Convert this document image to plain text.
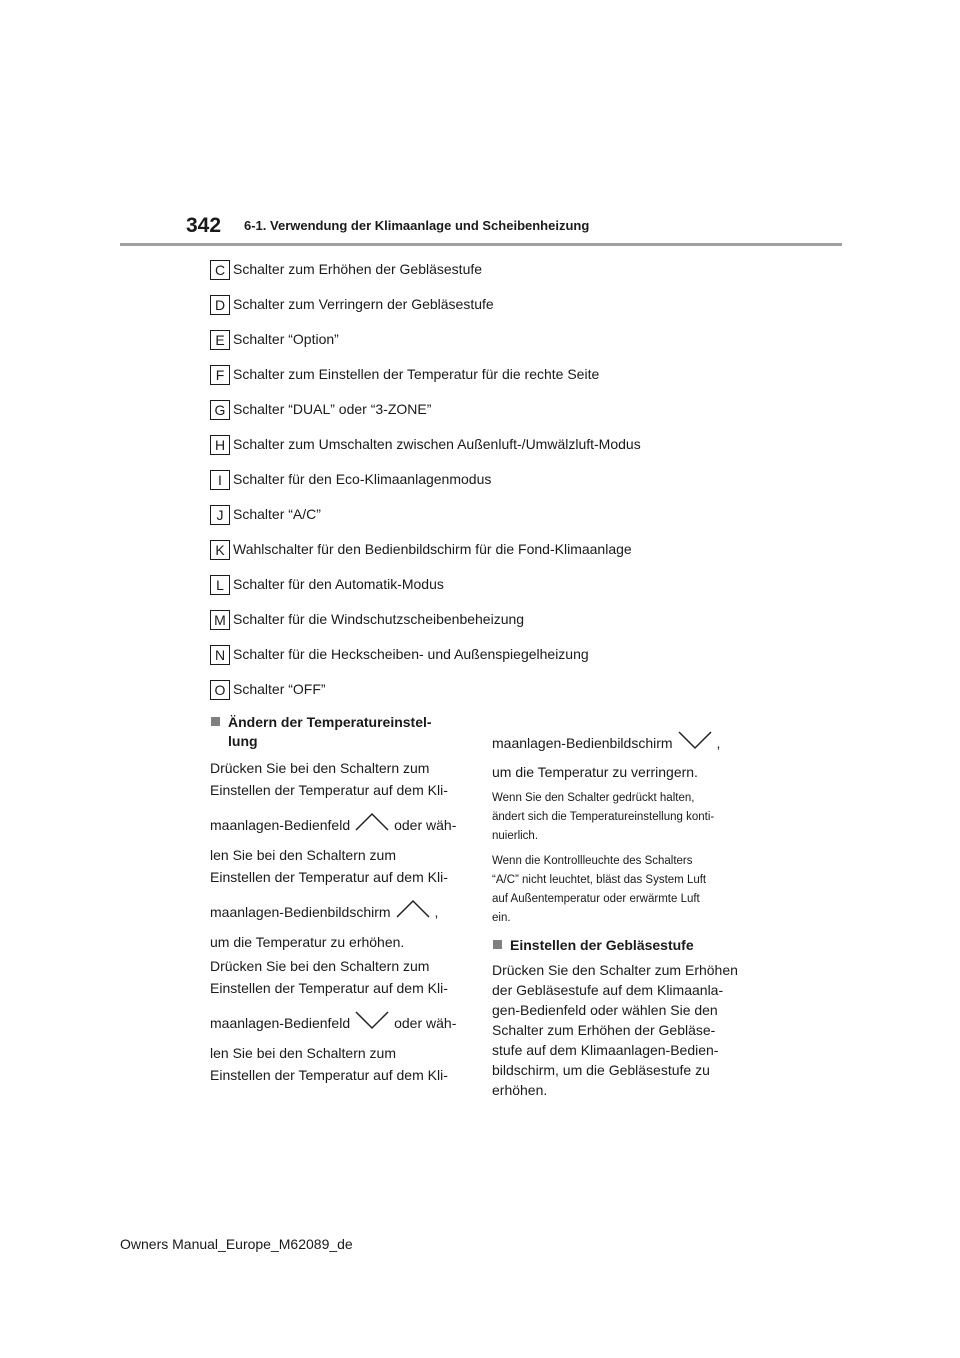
342 6-1. Verwendung der Klimaanlage und Scheibenheizung
C Schalter zum Erhöhen der Gebläsestufe
D Schalter zum Verringern der Gebläsestufe
E Schalter “Option”
F Schalter zum Einstellen der Temperatur für die rechte Seite
G Schalter “DUAL” oder “3-ZONE”
H Schalter zum Umschalten zwischen Außenluft-/Umwälzluft-Modus
I Schalter für den Eco-Klimaanlagenmodus
J Schalter “A/C”
K Wahlschalter für den Bedienbildschirm für die Fond-Klimaanlage
L Schalter für den Automatik-Modus
M Schalter für die Windschutzscheibenbeheizung
N Schalter für die Heckscheiben- und Außenspiegelheizung
O Schalter “OFF”
Ändern der Temperatureinstel-
lung
Drücken Sie bei den Schaltern zum
Einstellen der Temperatur auf dem Kli-
maanlagen-Bedienfeld	oder wäh-
len Sie bei den Schaltern zum
Einstellen der Temperatur auf dem Kli-
maanlagen-Bedienbildschirm	,
um die Temperatur zu erhöhen.
Drücken Sie bei den Schaltern zum
Einstellen der Temperatur auf dem Kli-
maanlagen-Bedienfeld	oder wäh-
len Sie bei den Schaltern zum
Einstellen der Temperatur auf dem Kli-
maanlagen-Bedienbildschirm	,
um die Temperatur zu verringern.
Wenn Sie den Schalter gedrückt halten,
ändert sich die Temperatureinstellung konti-
nuierlich.
Wenn die Kontrollleuchte des Schalters
“A/C” nicht leuchtet, bläst das System Luft
auf Außentemperatur oder erwärmte Luft
ein.
Einstellen der Gebläsestufe
Drücken Sie den Schalter zum Erhöhen
der Gebläsestufe auf dem Klimaanla-
gen-Bedienfeld oder wählen Sie den
Schalter zum Erhöhen der Gebläse-
stufe auf dem Klimaanlagen-Bedien-
bildschirm, um die Gebläsestufe zu
erhöhen.
Owners Manual_Europe_M62089_de
